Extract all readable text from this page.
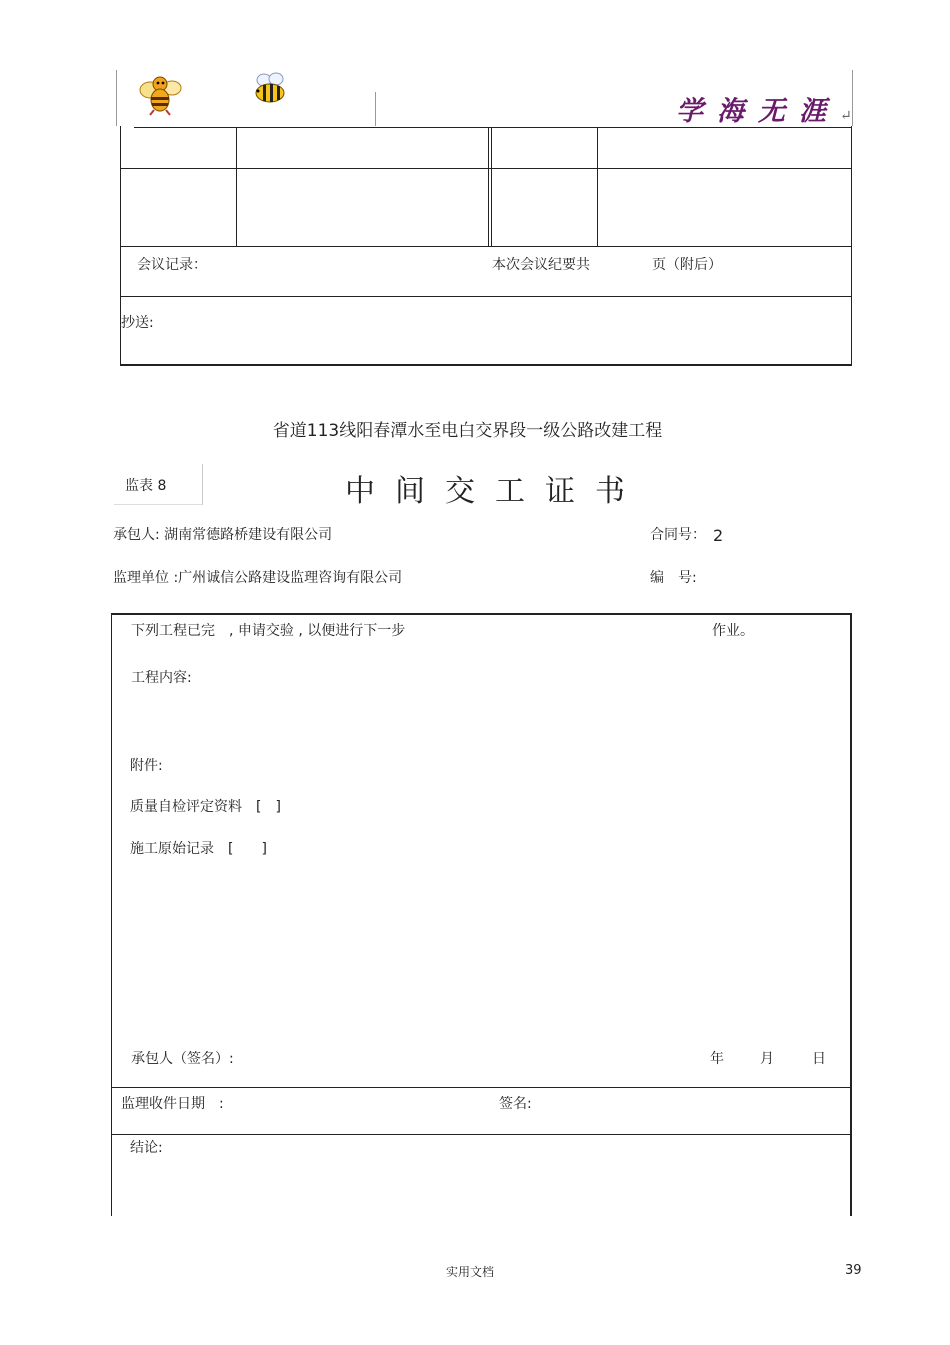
学海无涯↵
会议记录：	本次会议纪要共	页（附后）
抄送:
省道113线阳春潭水至电白交界段一级公路改建工程
监表 8	中间交工证书
承包人: 湖南常德路桥建设有限公司	合同号： 2
监理单位 :广州诚信公路建设监理咨询有限公司	编　号:
下列工程已完　, 申请交验 , 以便进行下一步	作业。
工程内容:
附件:
质量自检评定资料　[　]
施工原始记录　[　　]
承包人（签名）:	年	月	日
监理收件日期　:	签名:
结论:
实用文档	39
